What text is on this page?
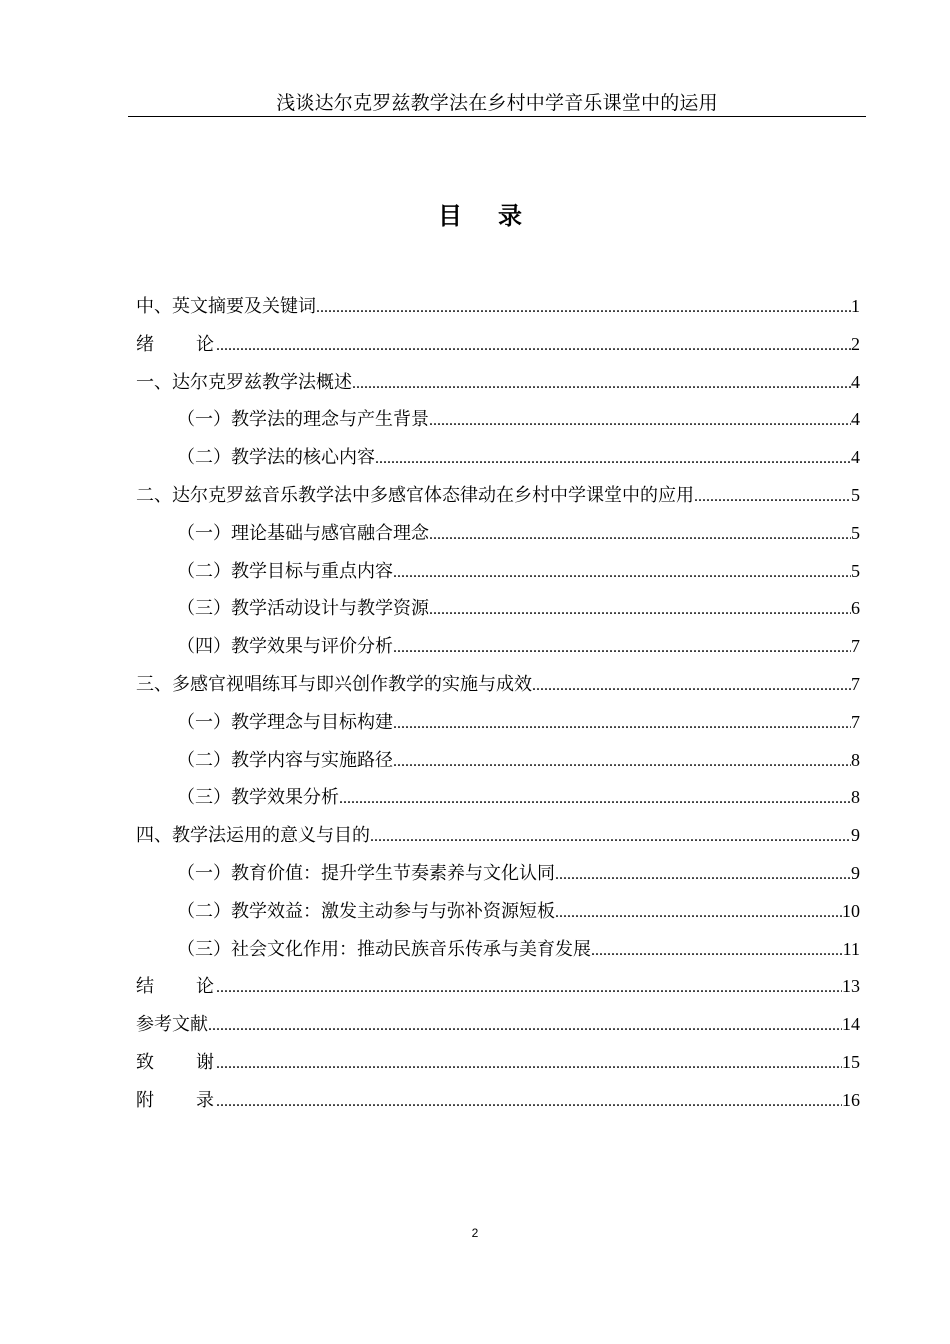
浅谈达尔克罗兹教学法在乡村中学音乐课堂中的运用
目录
中、英文摘要及关键词 .....	1
绪论 .....	2
一、达尔克罗兹教学法概述 .....	4
（一）教学法的理念与产生背景 .....	4
（二）教学法的核心内容 .....	4
二、达尔克罗兹音乐教学法中多感官体态律动在乡村中学课堂中的应用 .....	5
（一）理论基础与感官融合理念 .....	5
（二）教学目标与重点内容 .....	5
（三）教学活动设计与教学资源 .....	6
（四）教学效果与评价分析 .....	7
三、多感官视唱练耳与即兴创作教学的实施与成效 .....	7
（一）教学理念与目标构建 .....	7
（二）教学内容与实施路径 .....	8
（三）教学效果分析 .....	8
四、教学法运用的意义与目的 .....	9
（一）教育价值：提升学生节奏素养与文化认同 .....	9
（二）教学效益：激发主动参与与弥补资源短板 .....	10
（三）社会文化作用：推动民族音乐传承与美育发展 .....	11
结论 .....	13
参考文献 .....	14
致谢 .....	15
附录 .....	16
2
